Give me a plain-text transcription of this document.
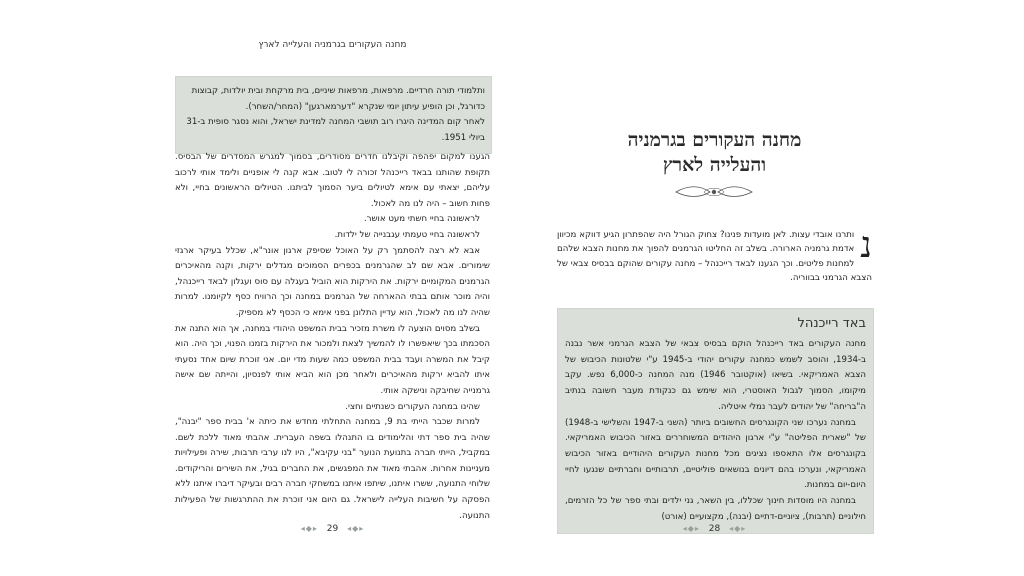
מחנה העקורים בגרמניה והעלייה לארץ
ותלמודי תורה חרדיים. מרפאות, מרפאות שיניים, בית מרקחת ובית יולדות, קבוצות כדורגל, וכן הופיע עיתון יומי שנקרא "דערמארגען" (המחר/השחר).
לאחר קום המדינה היגרו רוב תושבי המחנה למדינת ישראל, והוא נסגר סופית ב-31 ביולי 1951.

הגענו למקום יפהפה וקיבלנו חדרים מסודרים, בסמוך למגרש המסדרים של הבסיס. תקופת שהותנו בבאד רייכנהל זכורה לי לטוב. אבא קנה לי אופניים ולימד אותי לרכוב עליהם, יצאתי עם אימא לטיולים ביער הסמוך לביתנו. הטיולים הראשונים בחיי, ולא פחות חשוב – היה לנו מה לאכול.

לראשונה בחיי חשתי מעט אושר.

לראשונה בחיי טעמתי עגבנייה של ילדות.

אבא לא רצה להסתמך רק על האוכל שסיפק ארגון אונר"א, שכלל בעיקר ארגזי שימורים. אבא שם לב שהגרמנים בכפרים הסמוכים מגדלים ירקות, וקנה מהאיכרים הגרמנים המקומיים ירקות. את הירקות הוא הוביל בעגלה עם סוס ועגלון לבאד רייכנהל, והיה מוכר אותם בבתי ההארחה של הגרמנים במחנה וכך הרוויח כסף לקיומנו. למרות שהיה לנו מה לאכול, הוא עדיין התלונן בפני אימא כי הכסף לא מספיק.

בשלב מסוים הוצעה לו משרת מזכיר בבית המשפט היהודי במחנה, אך הוא התנה את הסכמתו בכך שיאפשרו לו להמשיך לצאת ולמכור את הירקות בזמנו הפנוי, וכך היה. הוא קיבל את המשרה ועבד בבית המשפט כמה שעות מדי יום. אני זוכרת שיום אחד נסעתי איתו להביא ירקות מהאיכרים ולאחר מכן הוא הביא אותי לפנסיון, והייתה שם אישה גרמנייה שחיבקה ונישקה אותי.

שהינו במחנה העקורים כשנתיים וחצי.

למרות שכבר הייתי בת 9, במחנה התחלתי מחדש את כיתה א' בבית ספר "יבנה", שהיה בית ספר דתי והלימודים בו התנהלו בשפה העברית. אהבתי מאוד ללכת לשם. במקביל, הייתי חברה בתנועת הנוער "בני עקיבא", היו לנו ערבי תרבות, שירה ופעילויות מעניינות אחרות. אהבתי מאוד את המפגשים, את החברים בגיל, את השירים והריקודים. שלוחי התנועה, ששרו איתנו, שיתפו איתנו במשחקי חברה רבים ובעיקר דיברו איתנו ללא הפסקה על חשיבות העלייה לישראל. גם היום אני זוכרת את ההתרגשות של הפעילות התנועה.

◂◆▸ 29 ◂◆▸
מחנה העקורים בגרמניה
והעלייה לארץ
נ

ותרנו אובדי עצות. לאן מועדות פנינו? צחוק הגורל היה שהפתרון הגיע דווקא מכיוון אדמת גרמניה הארורה. בשלב זה החליטו הגרמנים להפוך את מחנות הצבא שלהם למחנות פליטים. וכך הגענו לבאד רייכנהל – מחנה עקורים שהוקם בבסיס צבאי של הצבא הגרמני בבווריה.

באד רייכנהל

מחנה העקורים באד רייכנהל הוקם בבסיס צבאי של הצבא הגרמני אשר נבנה ב-1934, והוסב לשמש כמחנה עקורים יהודי ב-1945 ע"י שלטונות הכיבוש של הצבא האמריקאי. בשיאו (אוקטובר 1946) מנה המחנה כ-6,000 נפש. עקב מיקומו, הסמוך לגבול האוסטרי, הוא שימש גם כנקודת מעבר חשובה בנתיב ה"בריחה" של יהודים לעבר נמלי איטליה.

במחנה נערכו שני הקונגרסים החשובים ביותר (השני ב-1947 והשלישי ב-1948) של "שארית הפליטה" ע"י ארגון היהודים המשוחררים באזור הכיבוש האמריקאי. בקונגרסים אלו התאספו נציגים מכל מחנות העקורים היהודיים באזור הכיבוש האמריקאי, ונערכו בהם דיונים בנושאים פוליטיים, תרבותיים וחברתיים שנגעו לחיי היום-יום במחנות.

במחנה היו מוסדות חינוך שכללו, בין השאר, גני ילדים ובתי ספר של כל הזרמים, חילוניים (תרבות), ציוניים-דתיים (יבנה), מקצועיים (אורט)

◂◆▸ 28 ◂◆▸
